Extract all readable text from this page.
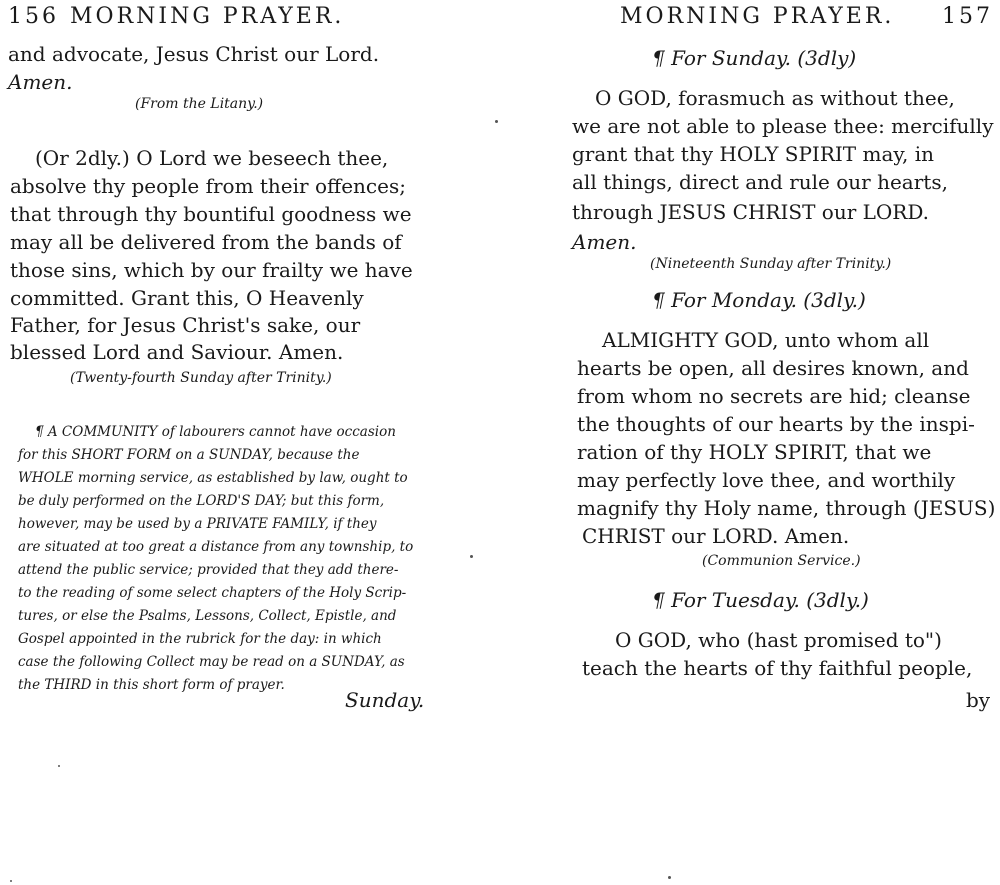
156 MORNING PRAYER.
and advocate, Jesus Christ our Lord.
Amen.
(From the Litany.)
(Or 2dly.) O Lord we beseech thee,
absolve thy people from their offences;
that through thy bountiful goodness we
may all be delivered from the bands of
those sins, which by our frailty we have
committed. Grant this, O Heavenly
Father, for Jesus Christ's sake, our
blessed Lord and Saviour. Amen.
(Twenty-fourth Sunday after Trinity.)
¶ A COMMUNITY of labourers cannot have occasion
for this SHORT FORM on a SUNDAY, because the
WHOLE morning service, as established by law, ought to
be duly performed on the LORD'S DAY; but this form,
however, may be used by a PRIVATE FAMILY, if they
are situated at too great a distance from any township, to
attend the public service; provided that they add there-
to the reading of some select chapters of the Holy Scrip-
tures, or else the Psalms, Lessons, Collect, Epistle, and
Gospel appointed in the rubrick for the day: in which
case the following Collect may be read on a SUNDAY, as
the THIRD in this short form of prayer.
Sunday.
MORNING PRAYER. 157
¶ For Sunday. (3dly)
O GOD, forasmuch as without thee,
we are not able to please thee: mercifully
grant that thy HOLY SPIRIT may, in
all things, direct and rule our hearts,
through JESUS CHRIST our LORD.
Amen.
(Nineteenth Sunday after Trinity.)
¶ For Monday. (3dly.)
ALMIGHTY GOD, unto whom all
hearts be open, all desires known, and
from whom no secrets are hid; cleanse
the thoughts of our hearts by the inspi-
ration of thy HOLY SPIRIT, that we
may perfectly love thee, and worthily
magnify thy Holy name, through (JESUS)
CHRIST our LORD. Amen.
(Communion Service.)
¶ For Tuesday. (3dly.)
O GOD, who (hast promised to")
teach the hearts of thy faithful people,
by
